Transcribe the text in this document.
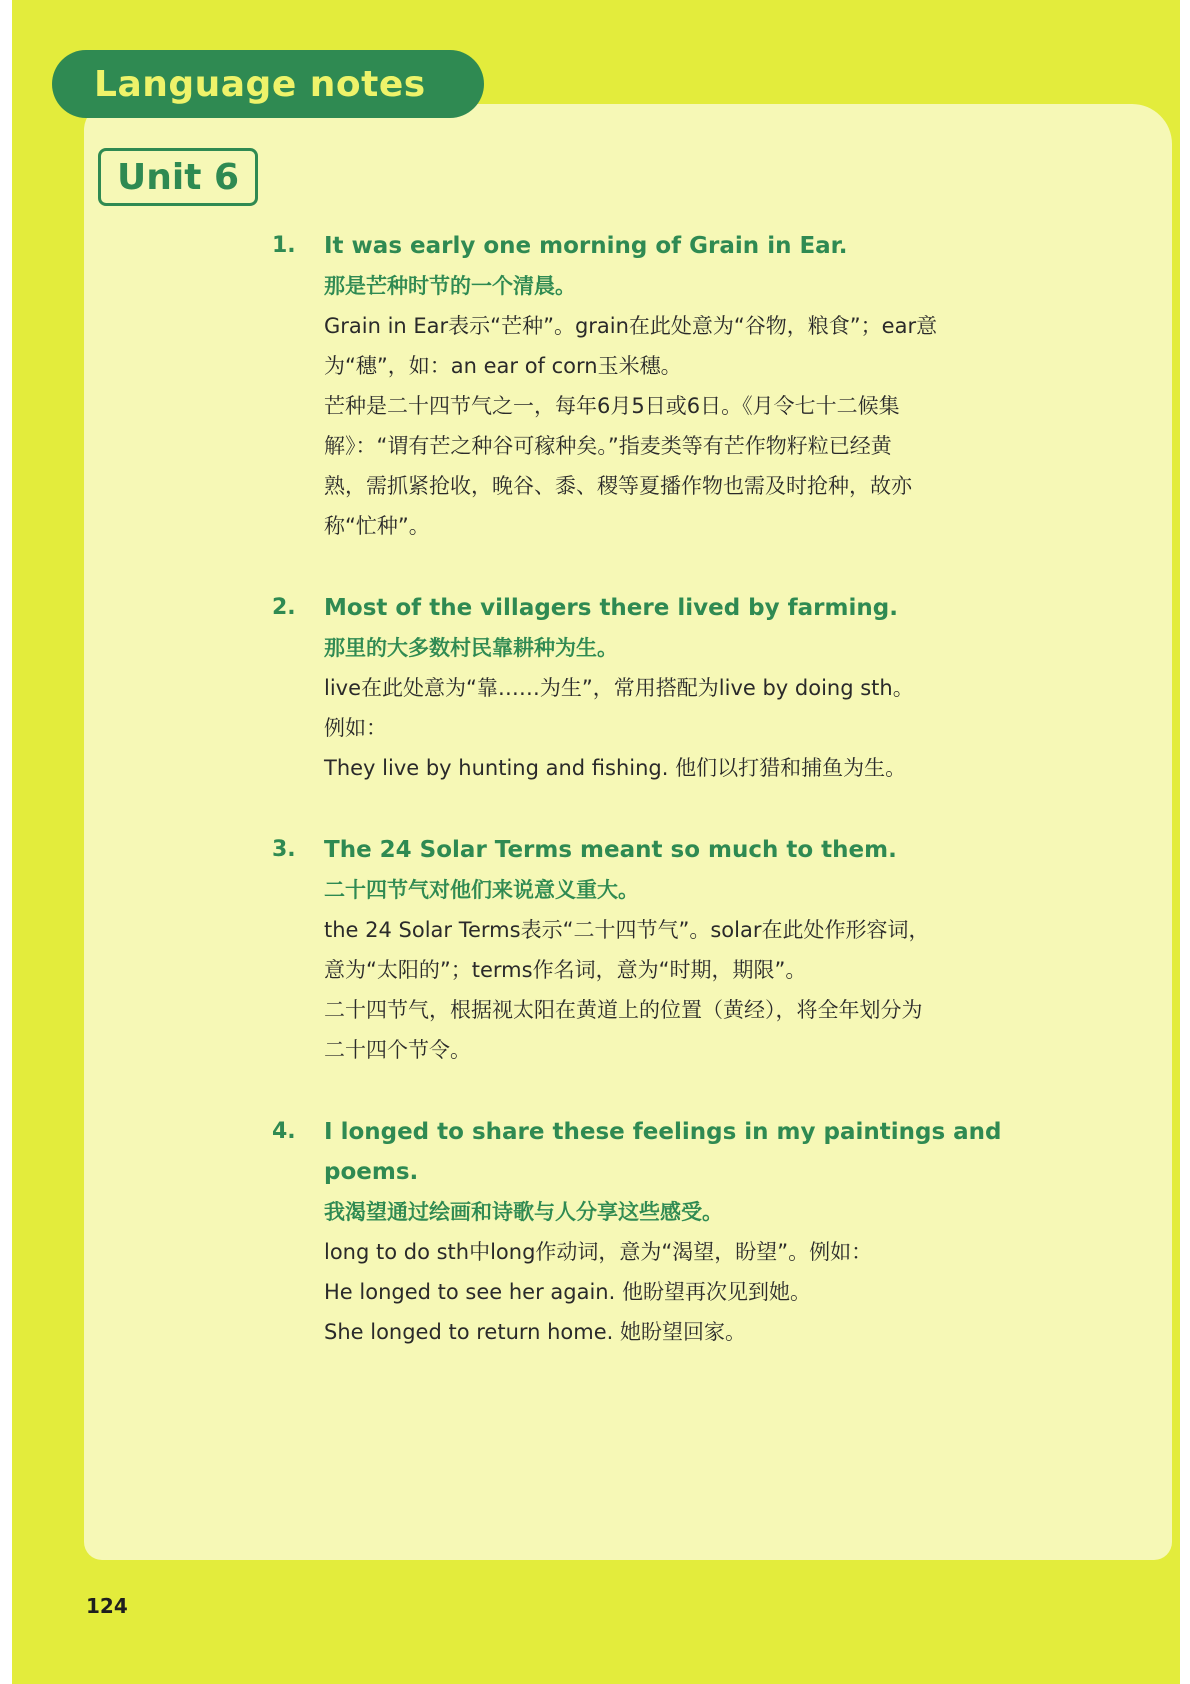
Language notes
Unit 6
1. It was early one morning of Grain in Ear.
那是芒种时节的一个清晨。
Grain in Ear表示“芒种”。grain在此处意为“谷物，粮食”；ear意
为“穗”，如：an ear of corn玉米穗。
芒种是二十四节气之一，每年6月5日或6日。《月令七十二候集
解》：“谓有芒之种谷可稼种矣。”指麦类等有芒作物籽粒已经黄
熟，需抓紧抢收，晚谷、黍、稷等夏播作物也需及时抢种，故亦
称“忙种”。
2. Most of the villagers there lived by farming.
那里的大多数村民靠耕种为生。
live在此处意为“靠……为生”，常用搭配为live by doing sth。
例如：
They live by hunting and fishing. 他们以打猎和捕鱼为生。
3. The 24 Solar Terms meant so much to them.
二十四节气对他们来说意义重大。
the 24 Solar Terms表示“二十四节气”。solar在此处作形容词，
意为“太阳的”；terms作名词，意为“时期，期限”。
二十四节气，根据视太阳在黄道上的位置（黄经），将全年划分为
二十四个节令。
4. I longed to share these feelings in my paintings and
poems.
我渴望通过绘画和诗歌与人分享这些感受。
long to do sth中long作动词，意为“渴望，盼望”。例如：
He longed to see her again. 他盼望再次见到她。
She longed to return home. 她盼望回家。
124
